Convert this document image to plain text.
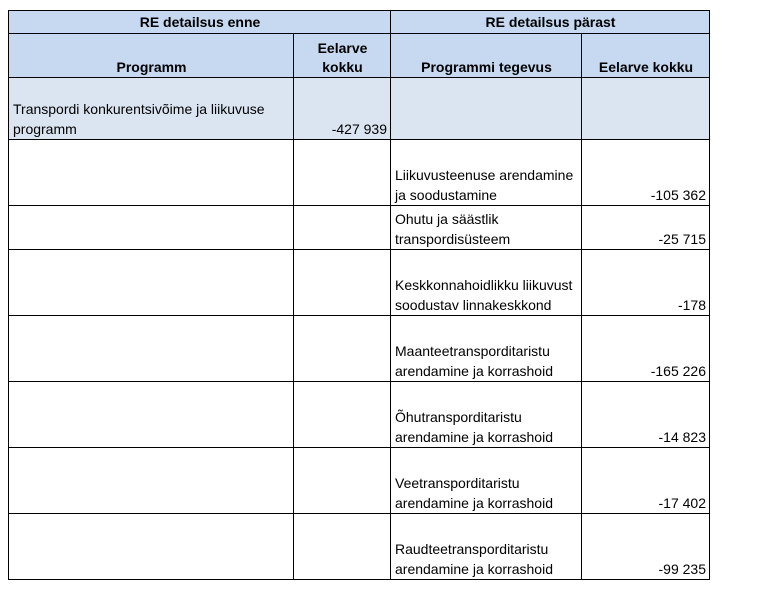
RE detailsus enne		RE detailsus pärast	
Programm	Eelarve kokku	Programmi tegevus	Eelarve kokku
Transpordi konkurentsivõime ja liikuvuse programm	-427 939		
		Liikuvusteenuse arendamine ja soodustamine	-105 362
		Ohutu ja säästlik transpordisüsteem	-25 715
		Keskkonnahoidlikku liikuvust soodustav linnakeskkond	-178
		Maanteetransporditaristu arendamine ja korrashoid	-165 226
		Õhutransporditaristu arendamine ja korrashoid	-14 823
		Veetransporditaristu arendamine ja korrashoid	-17 402
		Raudteetransporditaristu arendamine ja korrashoid	-99 235
